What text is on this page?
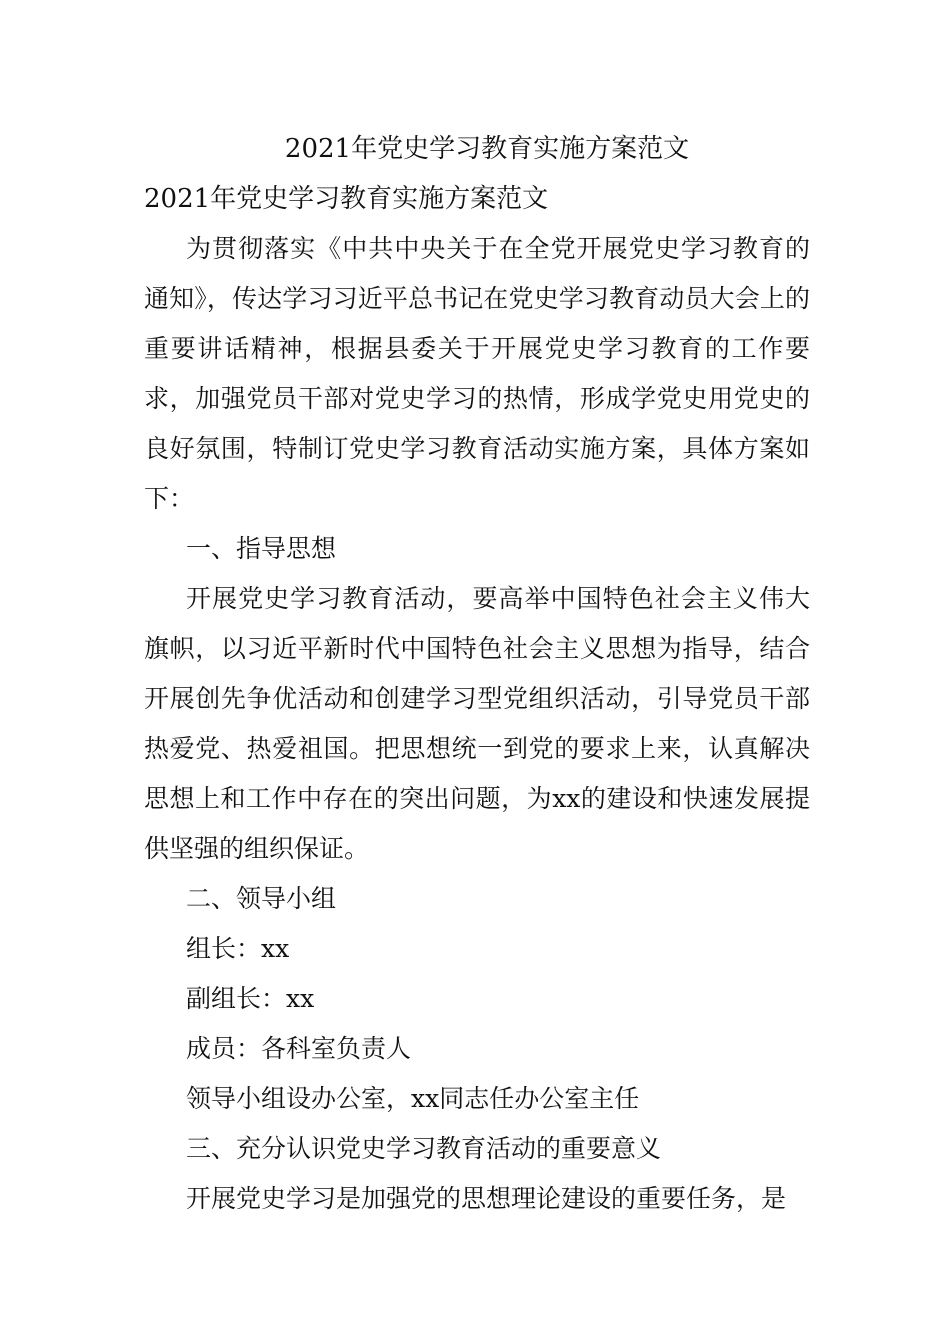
2021年党史学习教育实施方案范文
2021年党史学习教育实施方案范文

为贯彻落实《中共中央关于在全党开展党史学习教育的通知》，传达学习习近平总书记在党史学习教育动员大会上的重要讲话精神，根据县委关于开展党史学习教育的工作要求，加强党员干部对党史学习的热情，形成学党史用党史的良好氛围，特制订党史学习教育活动实施方案，具体方案如下：

一、指导思想

开展党史学习教育活动，要高举中国特色社会主义伟大旗帜，以习近平新时代中国特色社会主义思想为指导，结合开展创先争优活动和创建学习型党组织活动，引导党员干部热爱党、热爱祖国。把思想统一到党的要求上来，认真解决思想上和工作中存在的突出问题，为xx的建设和快速发展提供坚强的组织保证。

二、领导小组

组长：xx

副组长：xx

成员：各科室负责人

领导小组设办公室，xx同志任办公室主任

三、充分认识党史学习教育活动的重要意义

开展党史学习是加强党的思想理论建设的重要任务，是
